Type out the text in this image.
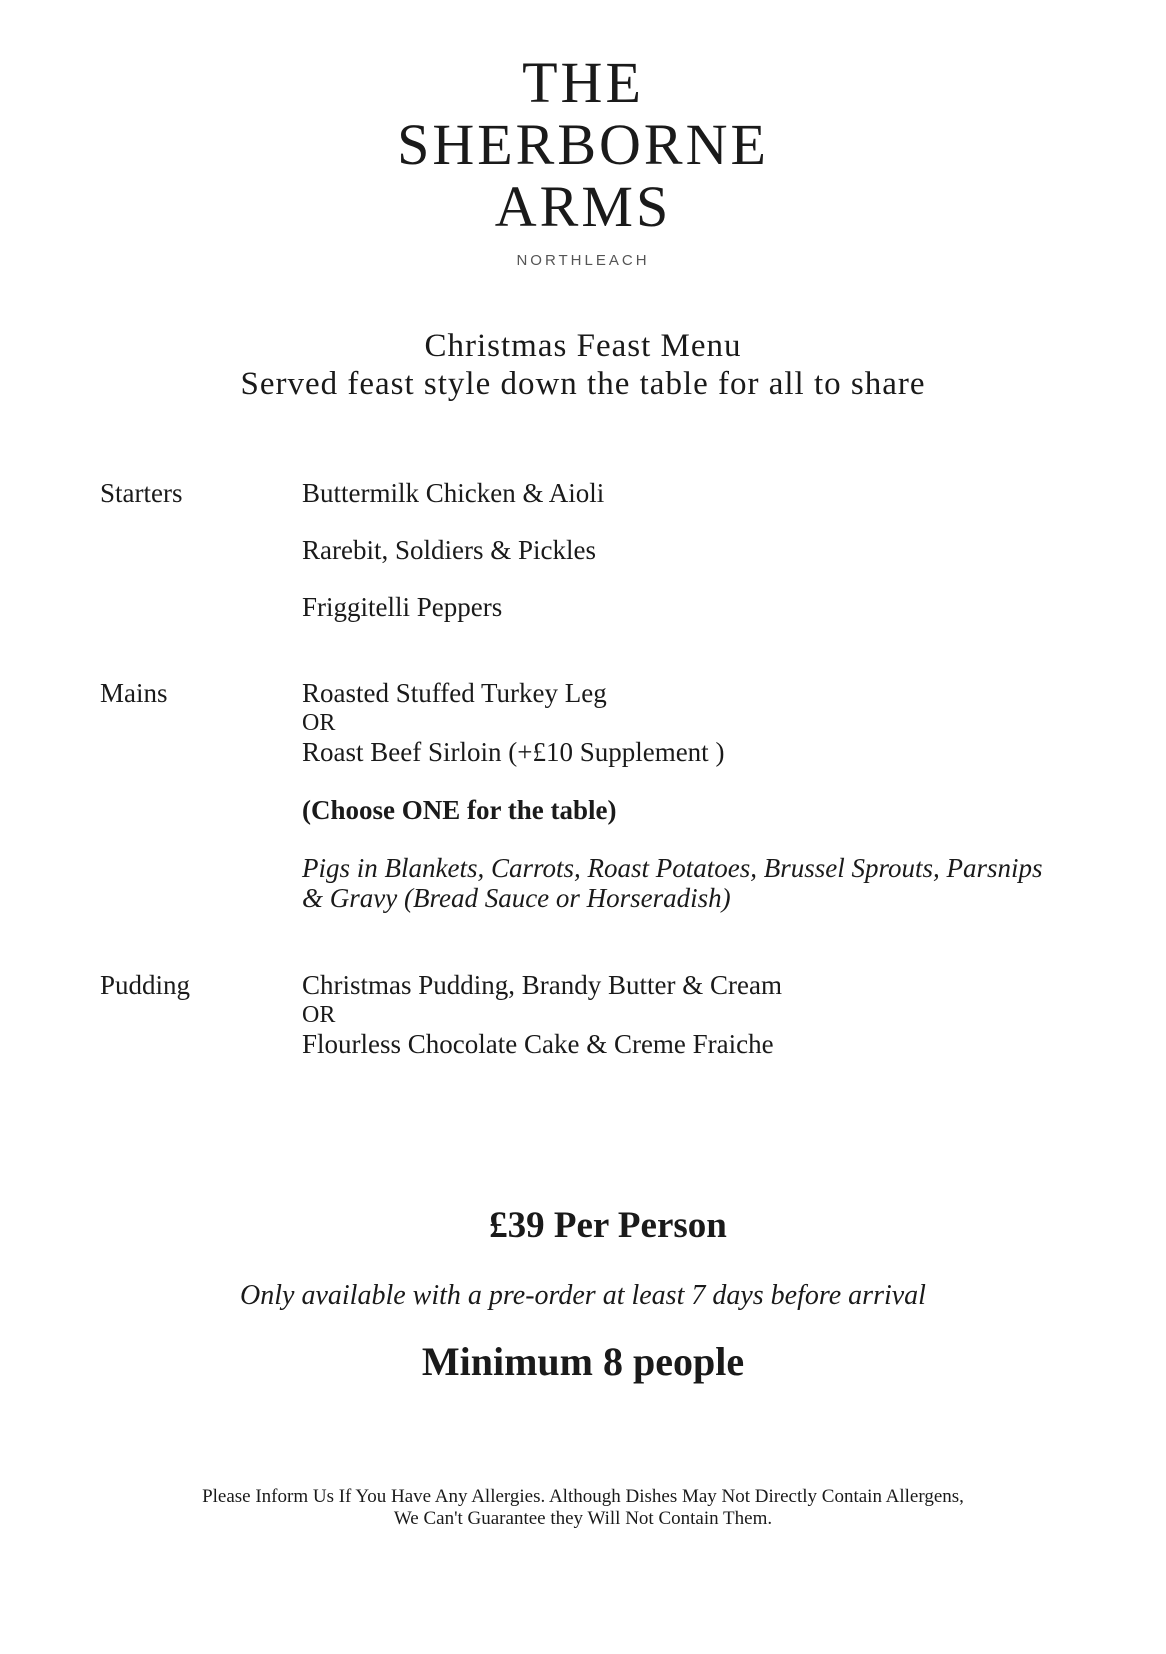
THE
SHERBORNE
ARMS
NORTHLEACH
Christmas Feast Menu
Served feast style down the table for all to share
Starters	Buttermilk Chicken & Aioli
Rarebit, Soldiers & Pickles
Friggitelli Peppers
Mains	Roasted Stuffed Turkey Leg
OR
Roast Beef Sirloin (+£10 Supplement )
(Choose ONE for the table)
Pigs in Blankets, Carrots, Roast Potatoes, Brussel Sprouts, Parsnips & Gravy (Bread Sauce or Horseradish)
Pudding	Christmas Pudding, Brandy Butter & Cream
OR
Flourless Chocolate Cake & Creme Fraiche
£39 Per Person
Only available with a pre-order at least 7 days before arrival
Minimum 8 people
Please Inform Us If You Have Any Allergies. Although Dishes May Not Directly Contain Allergens,
We Can't Guarantee they Will Not Contain Them.
